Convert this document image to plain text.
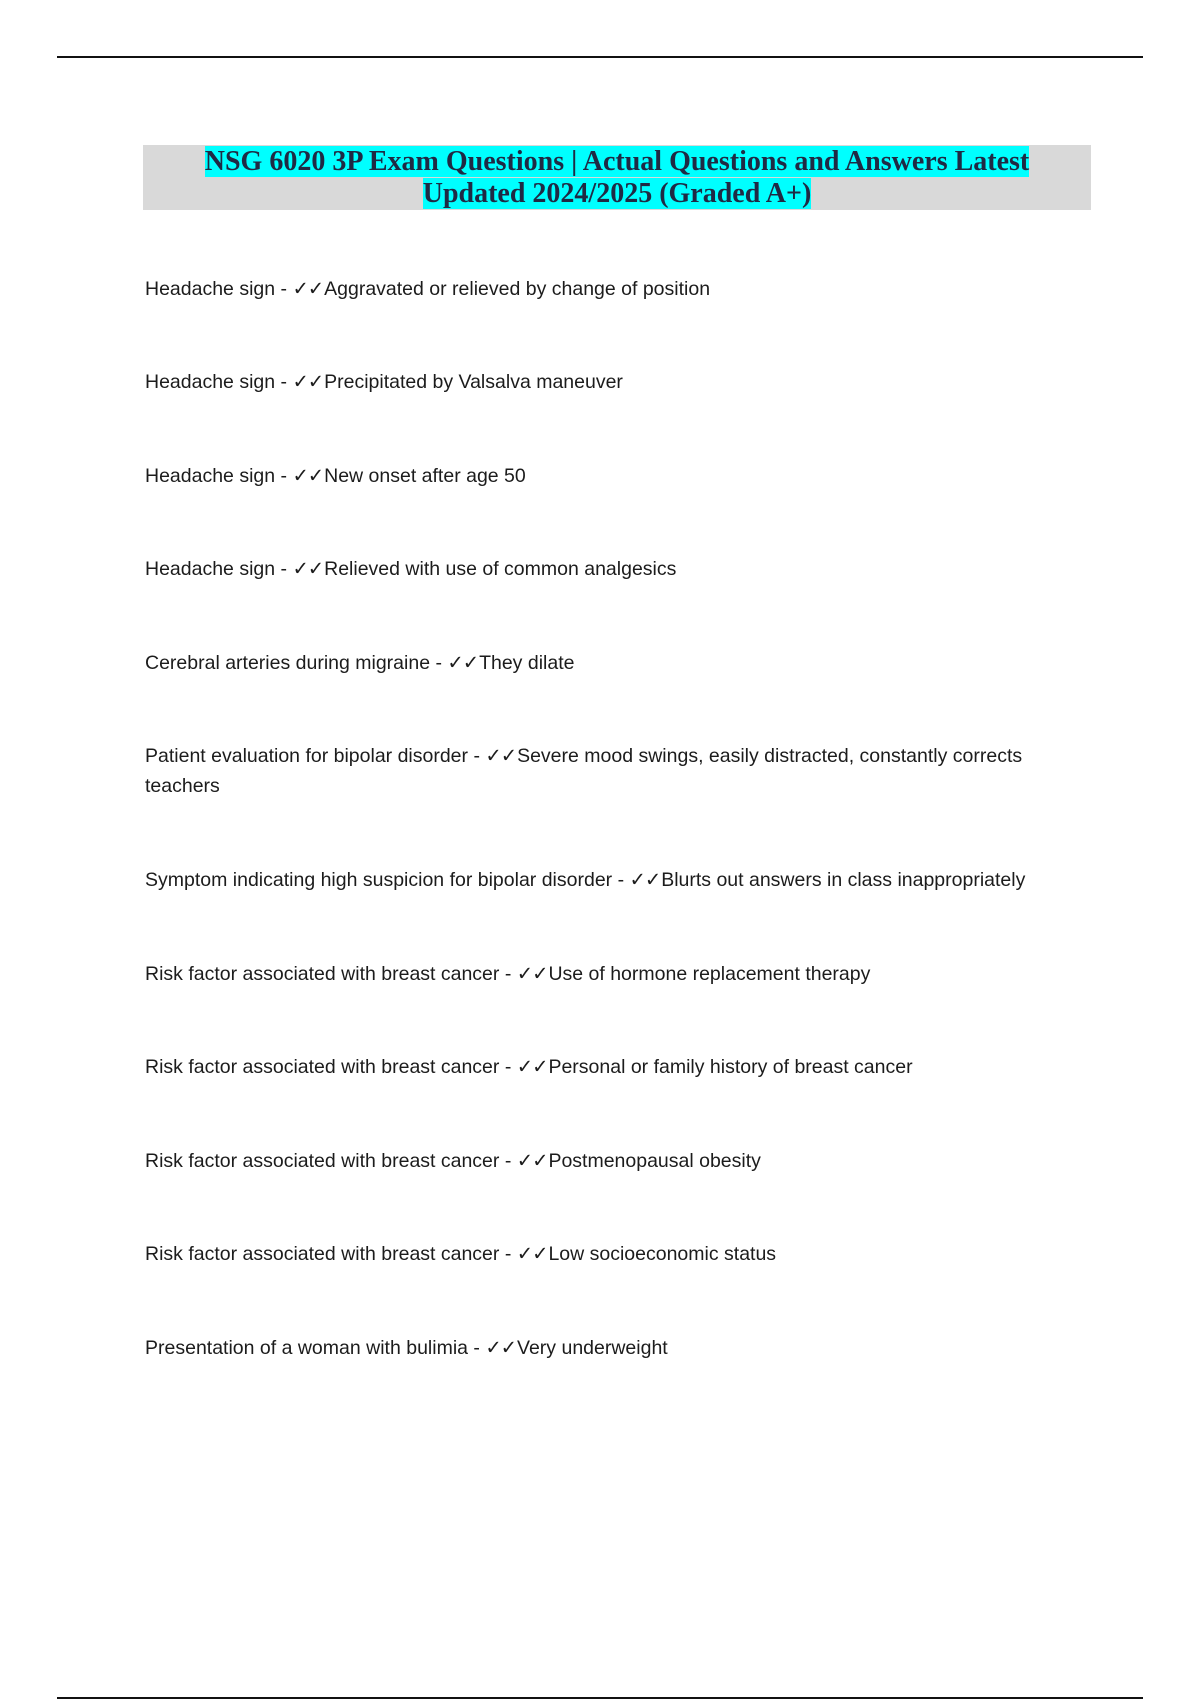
NSG 6020 3P Exam Questions | Actual Questions and Answers Latest Updated 2024/2025 (Graded A+)
Headache sign - ✓✓Aggravated or relieved by change of position
Headache sign - ✓✓Precipitated by Valsalva maneuver
Headache sign - ✓✓New onset after age 50
Headache sign - ✓✓Relieved with use of common analgesics
Cerebral arteries during migraine - ✓✓They dilate
Patient evaluation for bipolar disorder - ✓✓Severe mood swings, easily distracted, constantly corrects teachers
Symptom indicating high suspicion for bipolar disorder - ✓✓Blurts out answers in class inappropriately
Risk factor associated with breast cancer - ✓✓Use of hormone replacement therapy
Risk factor associated with breast cancer - ✓✓Personal or family history of breast cancer
Risk factor associated with breast cancer - ✓✓Postmenopausal obesity
Risk factor associated with breast cancer - ✓✓Low socioeconomic status
Presentation of a woman with bulimia - ✓✓Very underweight
